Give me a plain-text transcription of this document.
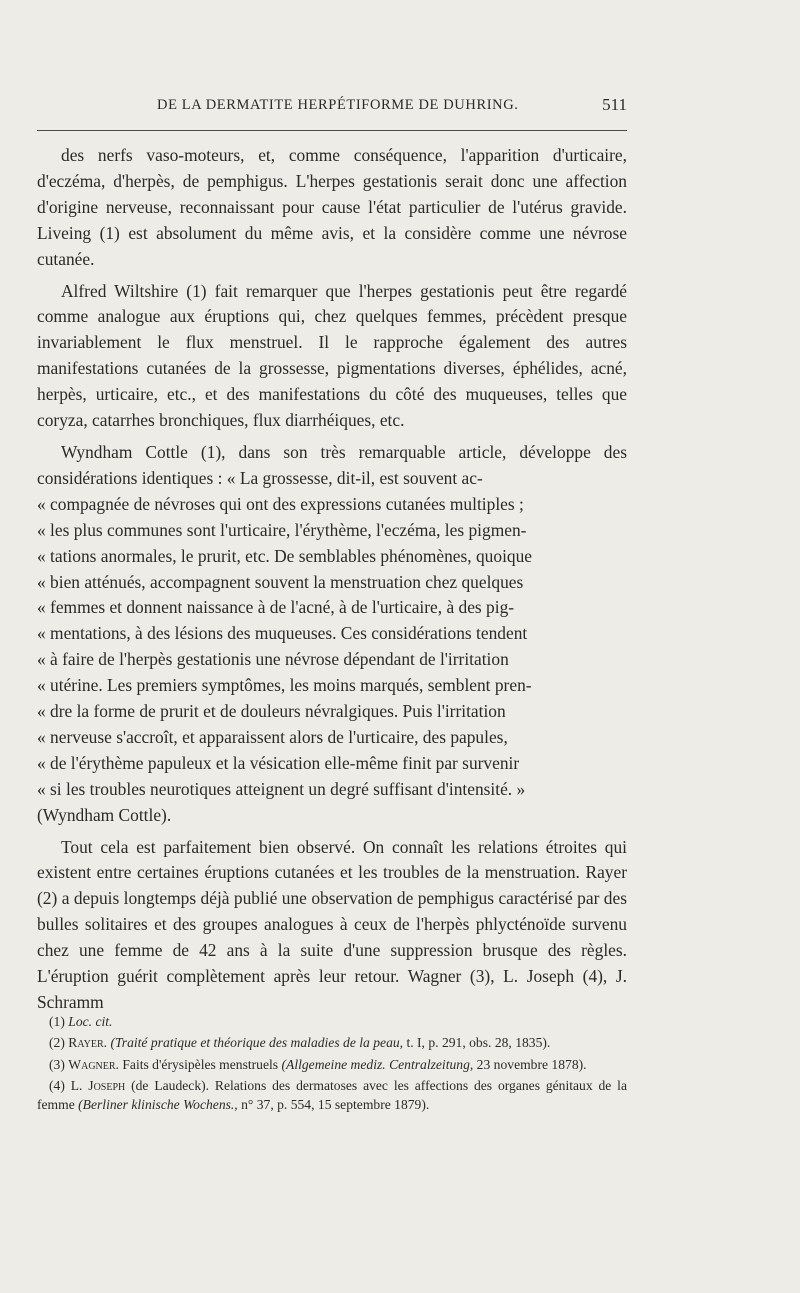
DE LA DERMATITE HERPÉTIFORME DE DUHRING.	511

des nerfs vaso-moteurs, et, comme conséquence, l'apparition d'urticaire, d'eczéma, d'herpès, de pemphigus. L'herpes gestationis serait donc une affection d'origine nerveuse, reconnaissant pour cause l'état particulier de l'utérus gravide. Liveing (1) est absolument du même avis, et la considère comme une névrose cutanée.

Alfred Wiltshire (1) fait remarquer que l'herpes gestationis peut être regardé comme analogue aux éruptions qui, chez quelques femmes, précèdent presque invariablement le flux menstruel. Il le rapproche également des autres manifestations cutanées de la grossesse, pigmentations diverses, éphélides, acné, herpès, urticaire, etc., et des manifestations du côté des muqueuses, telles que coryza, catarrhes bronchiques, flux diarrhéiques, etc.

Wyndham Cottle (1), dans son très remarquable article, développe des considérations identiques : « La grossesse, dit-il, est souvent ac-
« compagnée de névroses qui ont des expressions cutanées multiples ;
« les plus communes sont l'urticaire, l'érythème, l'eczéma, les pigmen-
« tations anormales, le prurit, etc. De semblables phénomènes, quoique
« bien atténués, accompagnent souvent la menstruation chez quelques
« femmes et donnent naissance à de l'acné, à de l'urticaire, à des pig-
« mentations, à des lésions des muqueuses. Ces considérations tendent
« à faire de l'herpès gestationis une névrose dépendant de l'irritation
« utérine. Les premiers symptômes, les moins marqués, semblent pren-
« dre la forme de prurit et de douleurs névralgiques. Puis l'irritation
« nerveuse s'accroît, et apparaissent alors de l'urticaire, des papules,
« de l'érythème papuleux et la vésication elle-même finit par survenir
« si les troubles neurotiques atteignent un degré suffisant d'intensité. »
(Wyndham Cottle).

Tout cela est parfaitement bien observé. On connaît les relations étroites qui existent entre certaines éruptions cutanées et les troubles de la menstruation. Rayer (2) a depuis longtemps déjà publié une observation de pemphigus caractérisé par des bulles solitaires et des groupes analogues à ceux de l'herpès phlycténoïde survenu chez une femme de 42 ans à la suite d'une suppression brusque des règles. L'éruption guérit complètement après leur retour. Wagner (3), L. Joseph (4), J. Schramm

(1) Loc. cit.

(2) Rayer. (Traité pratique et théorique des maladies de la peau, t. I, p. 291, obs. 28, 1835).

(3) Wagner. Faits d'érysipèles menstruels (Allgemeine mediz. Centralzeitung, 23 novembre 1878).

(4) L. Joseph (de Laudeck). Relations des dermatoses avec les affections des organes génitaux de la femme (Berliner klinische Wochens., n° 37, p. 554, 15 septembre 1879).
